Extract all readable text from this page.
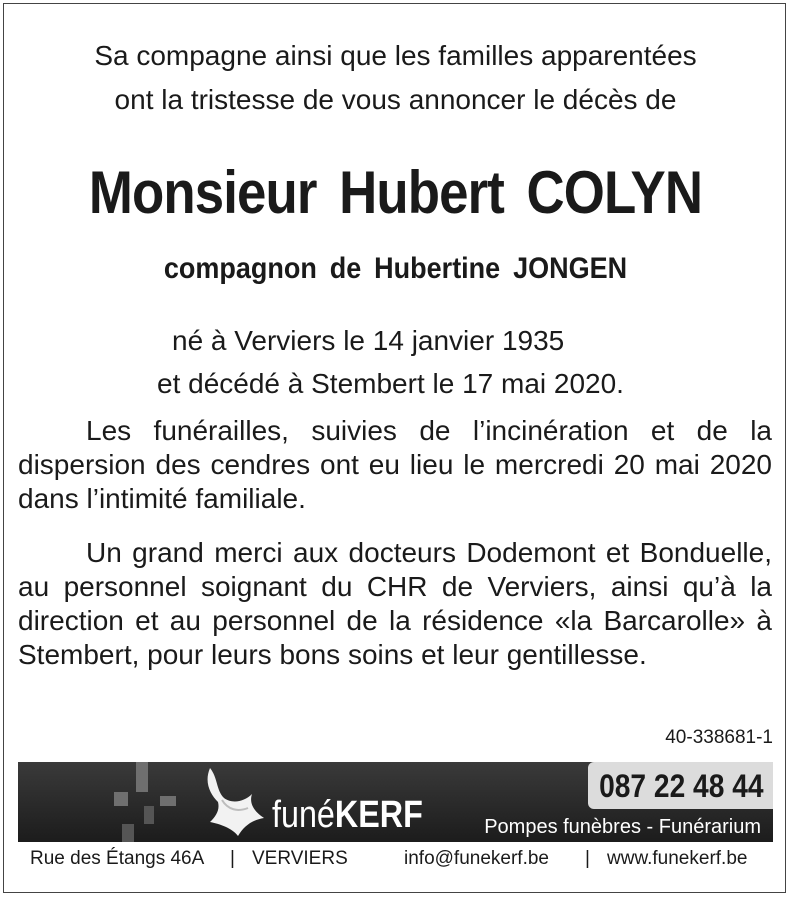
Sa compagne ainsi que les familles apparentées
ont la tristesse de vous annoncer le décès de
Monsieur Hubert COLYN
compagnon de Hubertine JONGEN
né à Verviers le 14 janvier 1935
et décédé à Stembert le 17 mai 2020.
Les funérailles, suivies de l’incinération et de la dispersion des cendres ont eu lieu le mercredi 20 mai 2020 dans l’intimité familiale.
Un grand merci aux docteurs Dodemont et Bonduelle, au personnel soignant du CHR de Verviers, ainsi qu’à la direction et au personnel de la résidence «la Barcarolle» à Stembert, pour leurs bons soins et leur gentillesse.
40-338681-1
funéKERF
087 22 48 44
Pompes funèbres - Funérarium
Rue des Étangs 46A | VERVIERS	info@funekerf.be | www.funekerf.be
